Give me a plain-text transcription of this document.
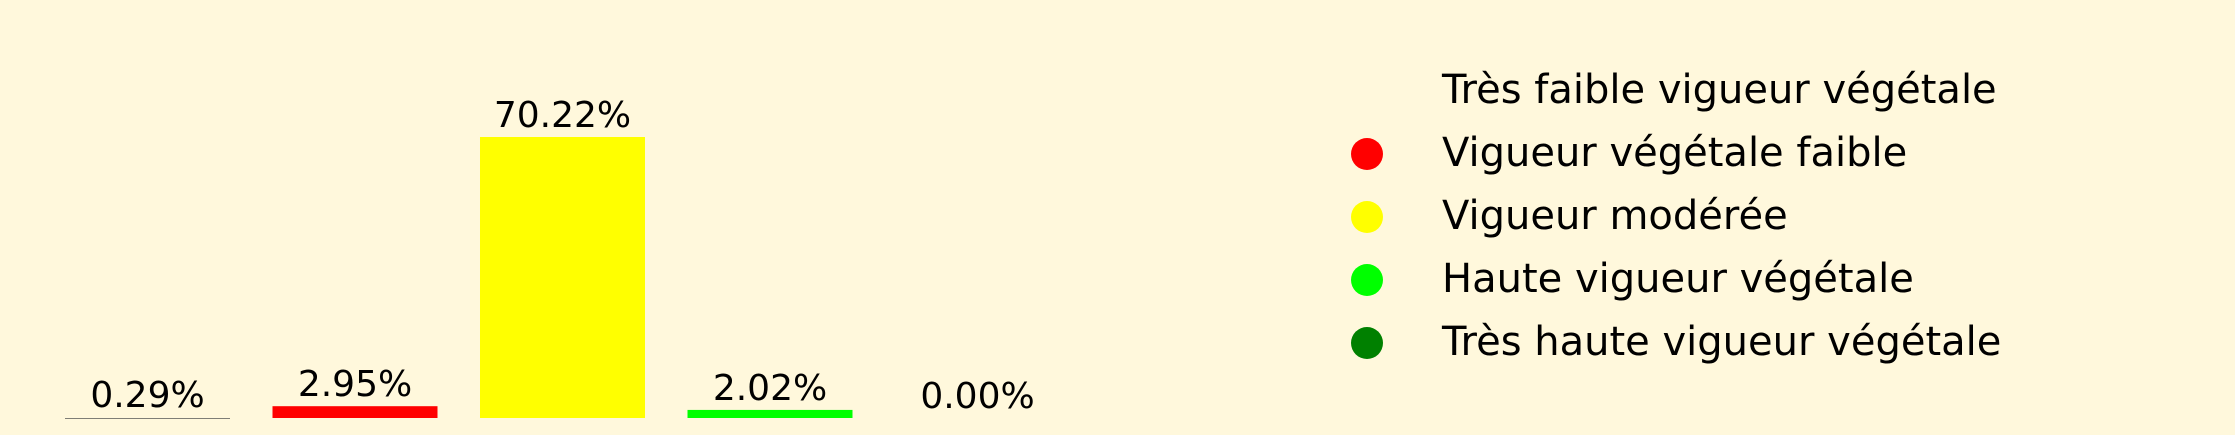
0.29%	2.95%
70.22%
2.02%	0.00%
Très faible vigueur végétale
Vigueur végétale faible
Vigueur modérée
Haute vigueur végétale
Très haute vigueur végétale
